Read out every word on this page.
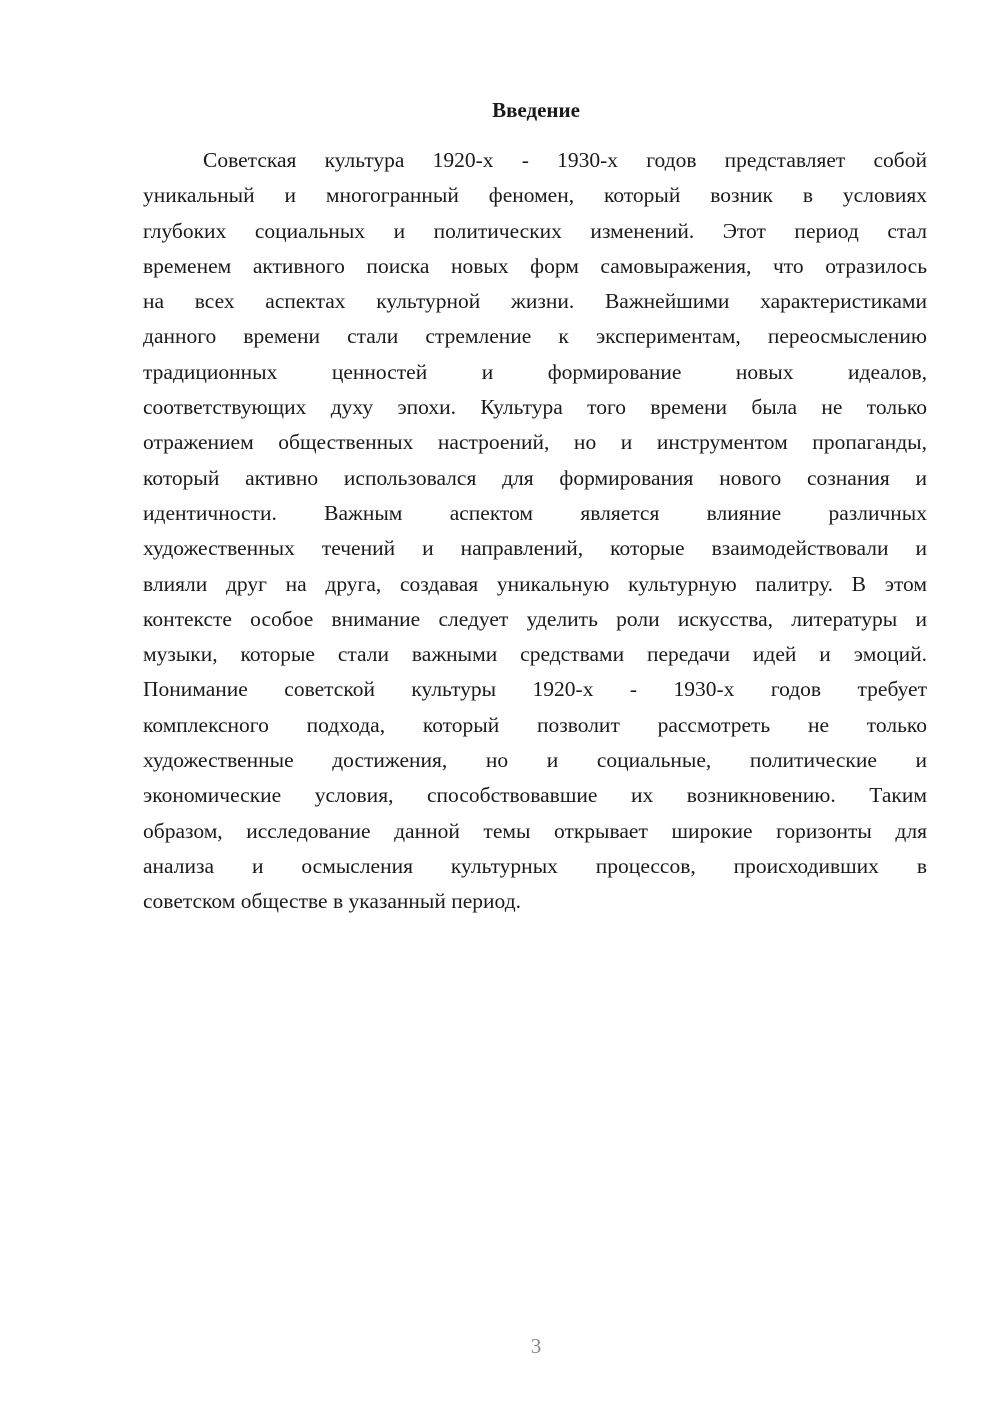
Введение
Советская культура 1920-х - 1930-х годов представляет собой
уникальный и многогранный феномен, который возник в условиях
глубоких социальных и политических изменений. Этот период стал
временем активного поиска новых форм самовыражения, что отразилось
на всех аспектах культурной жизни. Важнейшими характеристиками
данного времени стали стремление к экспериментам, переосмыслению
традиционных ценностей и формирование новых идеалов,
соответствующих духу эпохи. Культура того времени была не только
отражением общественных настроений, но и инструментом пропаганды,
который активно использовался для формирования нового сознания и
идентичности. Важным аспектом является влияние различных
художественных течений и направлений, которые взаимодействовали и
влияли друг на друга, создавая уникальную культурную палитру. В этом
контексте особое внимание следует уделить роли искусства, литературы и
музыки, которые стали важными средствами передачи идей и эмоций.
Понимание советской культуры 1920-х - 1930-х годов требует
комплексного подхода, который позволит рассмотреть не только
художественные достижения, но и социальные, политические и
экономические условия, способствовавшие их возникновению. Таким
образом, исследование данной темы открывает широкие горизонты для
анализа и осмысления культурных процессов, происходивших в
советском обществе в указанный период.
3
